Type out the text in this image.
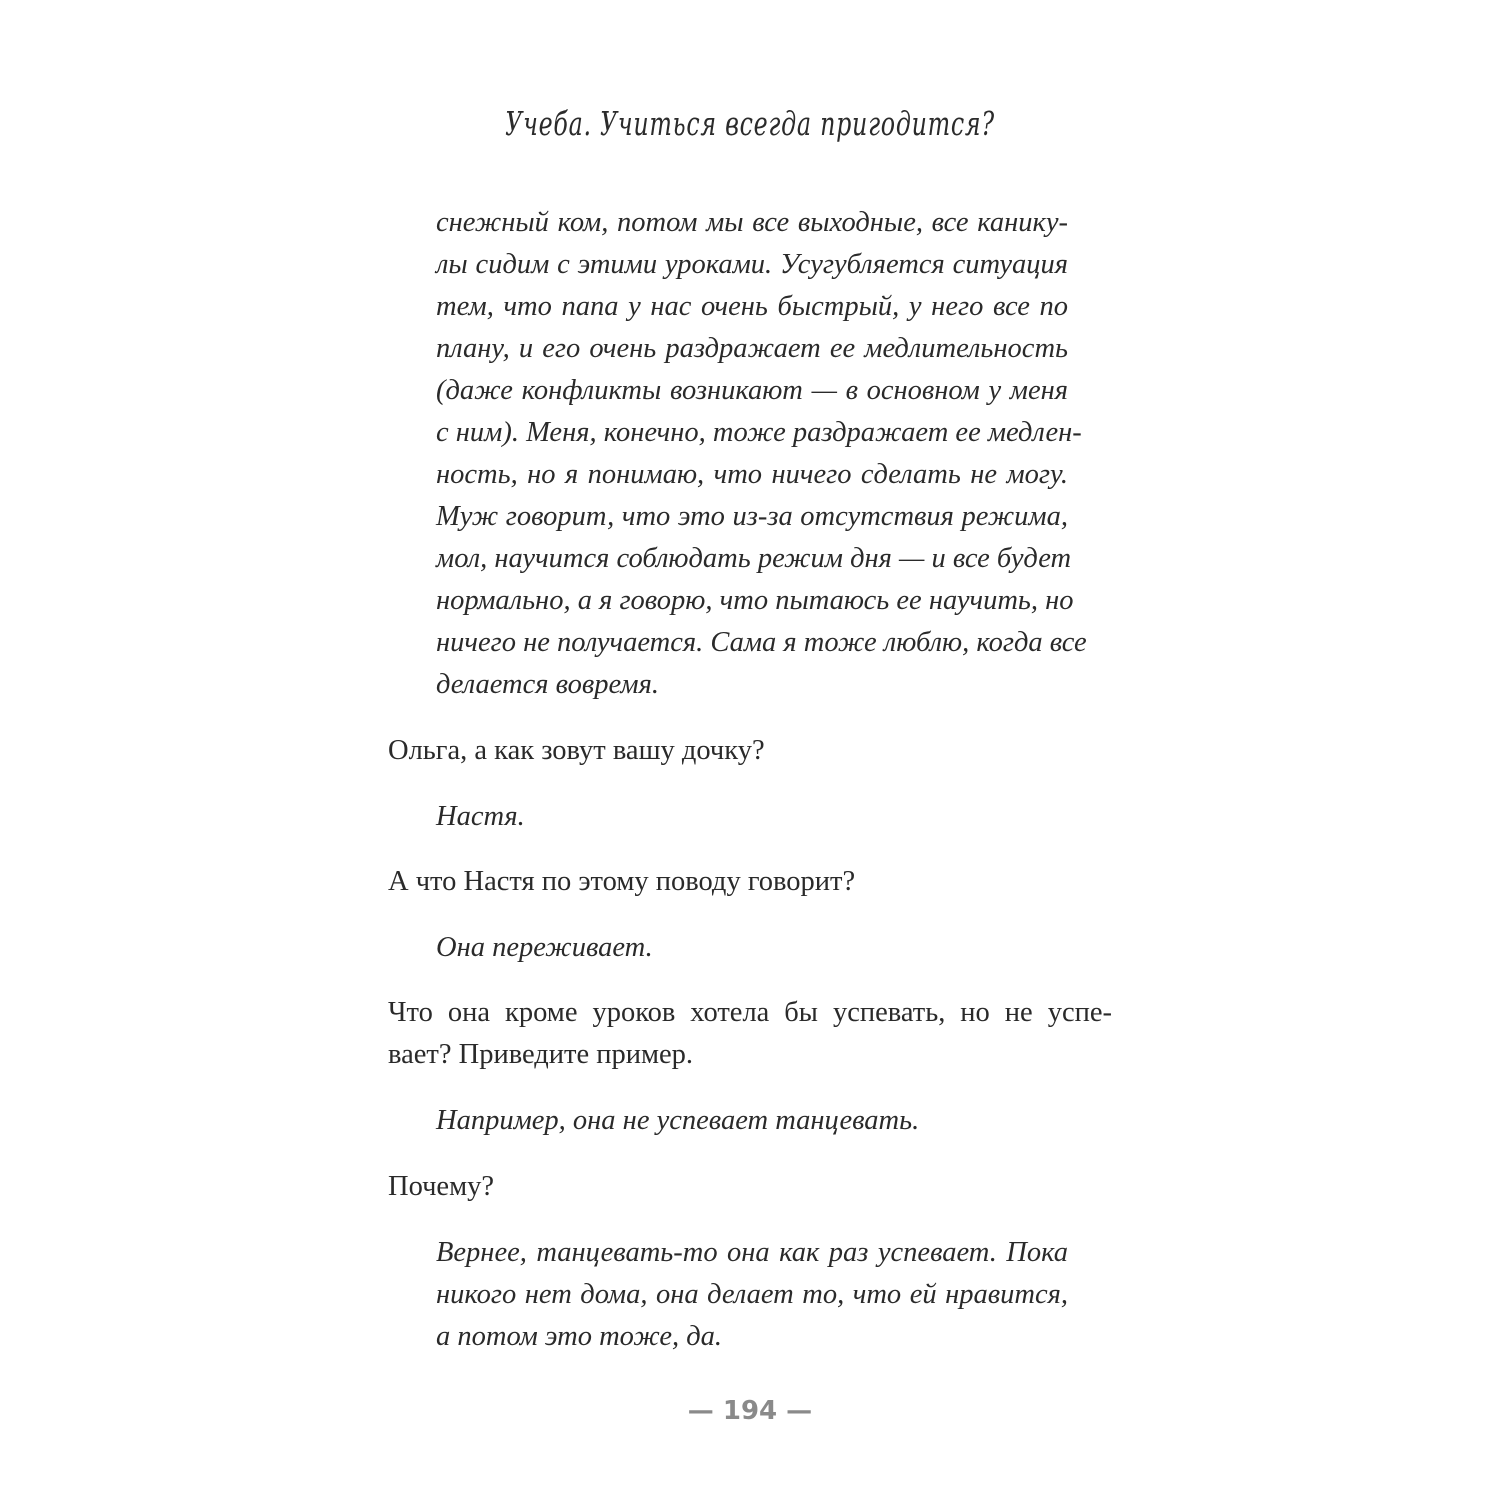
Учеба. Учиться всегда пригодится?
снежный ком, потом мы все выходные, все канику-
лы сидим с этими уроками. Усугубляется ситуация
тем, что папа у нас очень быстрый, у него все по
плану, и его очень раздражает ее медлительность
(даже конфликты возникают — в основном у меня
с ним). Меня, конечно, тоже раздражает ее медлен-
ность, но я понимаю, что ничего сделать не могу.
Муж говорит, что это из-за отсутствия режима,
мол, научится соблюдать режим дня — и все будет
нормально, а я говорю, что пытаюсь ее научить, но
ничего не получается. Сама я тоже люблю, когда все
делается вовремя.
Ольга, а как зовут вашу дочку?
Настя.
А что Настя по этому поводу говорит?
Она переживает.
Что она кроме уроков хотела бы успевать, но не успе-
вает? Приведите пример.
Например, она не успевает танцевать.
Почему?
Вернее, танцевать-то она как раз успевает. Пока
никого нет дома, она делает то, что ей нравится,
а потом это тоже, да.
— 194 —
